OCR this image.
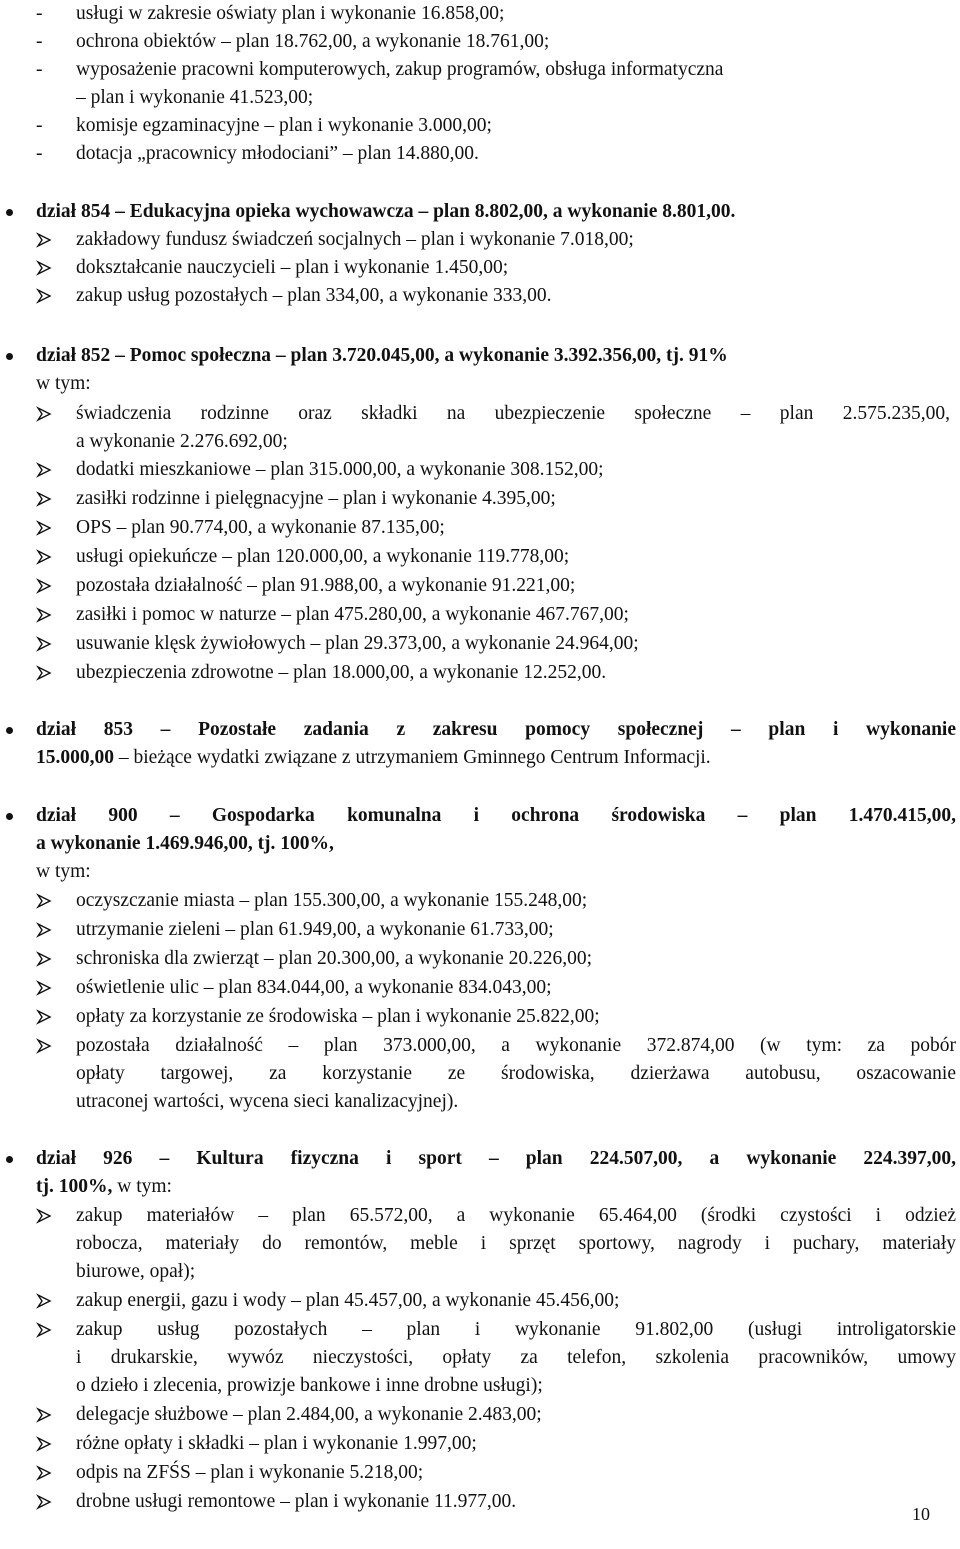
- usługi w zakresie oświaty plan i wykonanie 16.858,00;
- ochrona obiektów – plan 18.762,00, a wykonanie 18.761,00;
- wyposażenie pracowni komputerowych, zakup programów, obsługa informatyczna
– plan i wykonanie 41.523,00;
- komisje egzaminacyjne – plan i wykonanie 3.000,00;
- dotacja „pracownicy młodociani” – plan 14.880,00.
dział 854 – Edukacyjna opieka wychowawcza – plan 8.802,00, a wykonanie 8.801,00.
zakładowy fundusz świadczeń socjalnych – plan i wykonanie 7.018,00;
dokształcanie nauczycieli – plan i wykonanie 1.450,00;
zakup usług pozostałych – plan 334,00, a wykonanie 333,00.
dział 852 – Pomoc społeczna – plan 3.720.045,00, a wykonanie 3.392.356,00, tj. 91%
w tym:
świadczenia rodzinne oraz składki na ubezpieczenie społeczne – plan 2.575.235,00,
a wykonanie 2.276.692,00;
dodatki mieszkaniowe – plan 315.000,00, a wykonanie 308.152,00;
zasiłki rodzinne i pielęgnacyjne – plan i wykonanie 4.395,00;
OPS – plan 90.774,00, a wykonanie 87.135,00;
usługi opiekuńcze – plan 120.000,00, a wykonanie 119.778,00;
pozostała działalność – plan 91.988,00, a wykonanie 91.221,00;
zasiłki i pomoc w naturze – plan 475.280,00, a wykonanie 467.767,00;
usuwanie klęsk żywiołowych – plan 29.373,00, a wykonanie 24.964,00;
ubezpieczenia zdrowotne – plan 18.000,00, a wykonanie 12.252,00.
dział 853 – Pozostałe zadania z zakresu pomocy społecznej – plan i wykonanie
15.000,00 – bieżące wydatki związane z utrzymaniem Gminnego Centrum Informacji.
dział 900 – Gospodarka komunalna i ochrona środowiska – plan 1.470.415,00,
a wykonanie 1.469.946,00, tj. 100%,
w tym:
oczyszczanie miasta – plan 155.300,00, a wykonanie 155.248,00;
utrzymanie zieleni – plan 61.949,00, a wykonanie 61.733,00;
schroniska dla zwierząt – plan 20.300,00, a wykonanie 20.226,00;
oświetlenie ulic – plan 834.044,00, a wykonanie 834.043,00;
opłaty za korzystanie ze środowiska – plan i wykonanie 25.822,00;
pozostała działalność – plan 373.000,00, a wykonanie 372.874,00 (w tym: za pobór
opłaty targowej, za korzystanie ze środowiska, dzierżawa autobusu, oszacowanie
utraconej wartości, wycena sieci kanalizacyjnej).
dział 926 – Kultura fizyczna i sport – plan 224.507,00, a wykonanie 224.397,00,
tj. 100%, w tym:
zakup materiałów – plan 65.572,00, a wykonanie 65.464,00 (środki czystości i odzież
robocza, materiały do remontów, meble i sprzęt sportowy, nagrody i puchary, materiały
biurowe, opał);
zakup energii, gazu i wody – plan 45.457,00, a wykonanie 45.456,00;
zakup usług pozostałych – plan i wykonanie 91.802,00 (usługi introligatorskie
i drukarskie, wywóz nieczystości, opłaty za telefon, szkolenia pracowników, umowy
o dzieło i zlecenia, prowizje bankowe i inne drobne usługi);
delegacje służbowe – plan 2.484,00, a wykonanie 2.483,00;
różne opłaty i składki – plan i wykonanie 1.997,00;
odpis na ZFŚS – plan i wykonanie 5.218,00;
drobne usługi remontowe – plan i wykonanie 11.977,00.
10
